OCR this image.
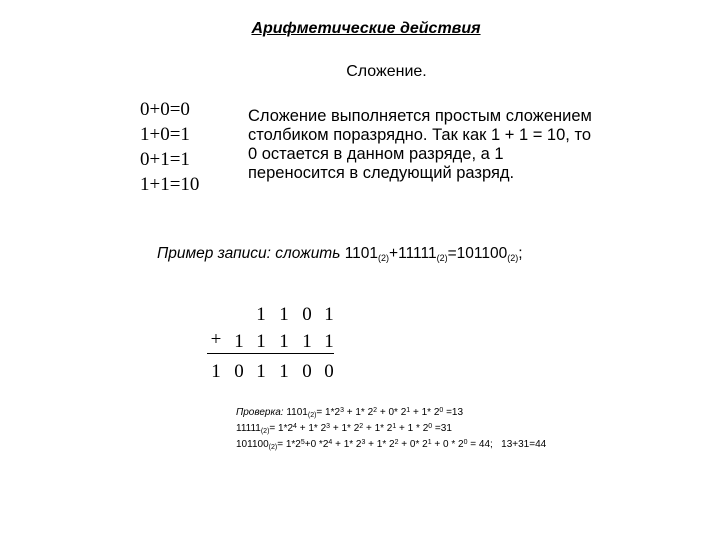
Арифметические действия
Сложение.
0+0=0
1+0=1
0+1=1
1+1=10
Сложение выполняется простым сложением столбиком поразрядно. Так как 1 + 1 = 10, то 0 остается в данном разряде, а 1 переносится в следующий разряд.
Пример записи: сложить $1101_{(2)}+11111_{(2)}=101100_{(2)}$;
1 1 0 1
+ 1 1 1 1 1
1 0 1 1 0 0
Проверка: $1101_{(2)}= 1*2^3 + 1*$ $2^2 + 0*$ $2^1 + 1*$ $2^0 =13$
$11111_{(2)}= 1*2^4 + 1*$ $2^3 + 1*$ $2^2 + 1*$ $2^1 + 1 * 2^0 =31$
$101100_{(2)}= 1*2^5+0$ $*2^4 + 1*$ $2^3 + 1*$ $2^2 + 0*$ $2^1 + 0 * 2^0 = 44$; 13+31=44
